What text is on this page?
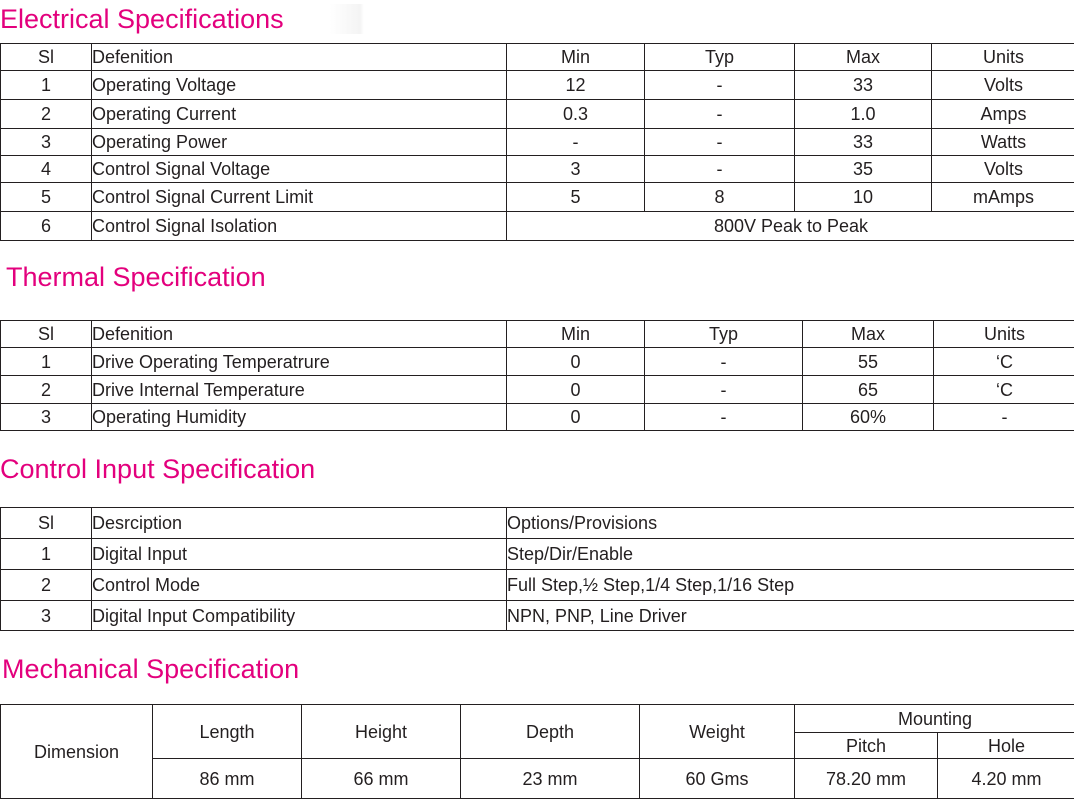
Electrical Specifications
Sl	Defenition	Min	Typ	Max	Units
1	Operating Voltage	12	-	33	Volts
2	Operating Current	0.3	-	1.0	Amps
3	Operating Power	-	-	33	Watts
4	Control Signal Voltage	3	-	35	Volts
5	Control Signal Current Limit	5	8	10	mAmps
6	Control Signal Isolation	800V Peak to Peak			
Thermal Specification
Sl	Defenition	Min	Typ	Max	Units
1	Drive Operating Temperatrure	0	-	55	‘C
2	Drive Internal Temperature	0	-	65	‘C
3	Operating Humidity	0	-	60%	-
Control Input Specification
Sl	Desrciption	Options/Provisions
1	Digital Input	Step/Dir/Enable
2	Control Mode	Full Step,½ Step,1/4 Step,1/16 Step
3	Digital Input Compatibility	NPN, PNP, Line Driver
Mechanical Specification
Dimension	Length	Height	Depth	Weight	Mounting	
					Pitch	Hole
	86 mm	66 mm	23 mm	60 Gms	78.20 mm	4.20 mm
